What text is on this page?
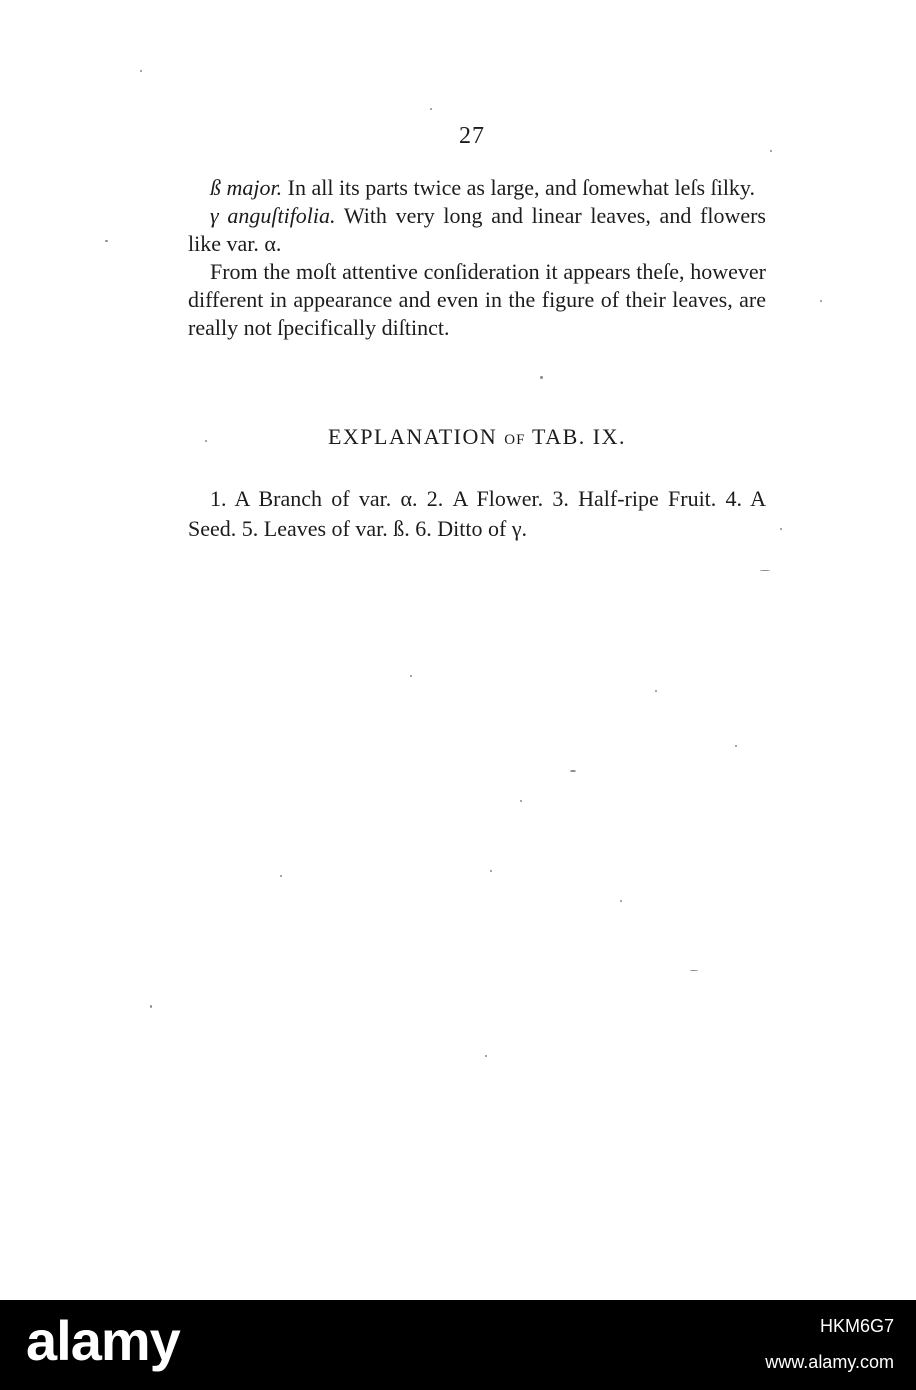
27

ß major. In all its parts twice as large, and ſomewhat leſs ſilky.

γ anguſtifolia. With very long and linear leaves, and flowers like var. α.

From the moſt attentive conſideration it appears theſe, however different in appearance and even in the figure of their leaves, are really not ſpecifically diſtinct.

EXPLANATION OF TAB. IX.

1. A Branch of var. α. 2. A Flower. 3. Half-ripe Fruit. 4. A Seed. 5. Leaves of var. ß. 6. Ditto of γ.

alamy	HKM6G7
www.alamy.com
